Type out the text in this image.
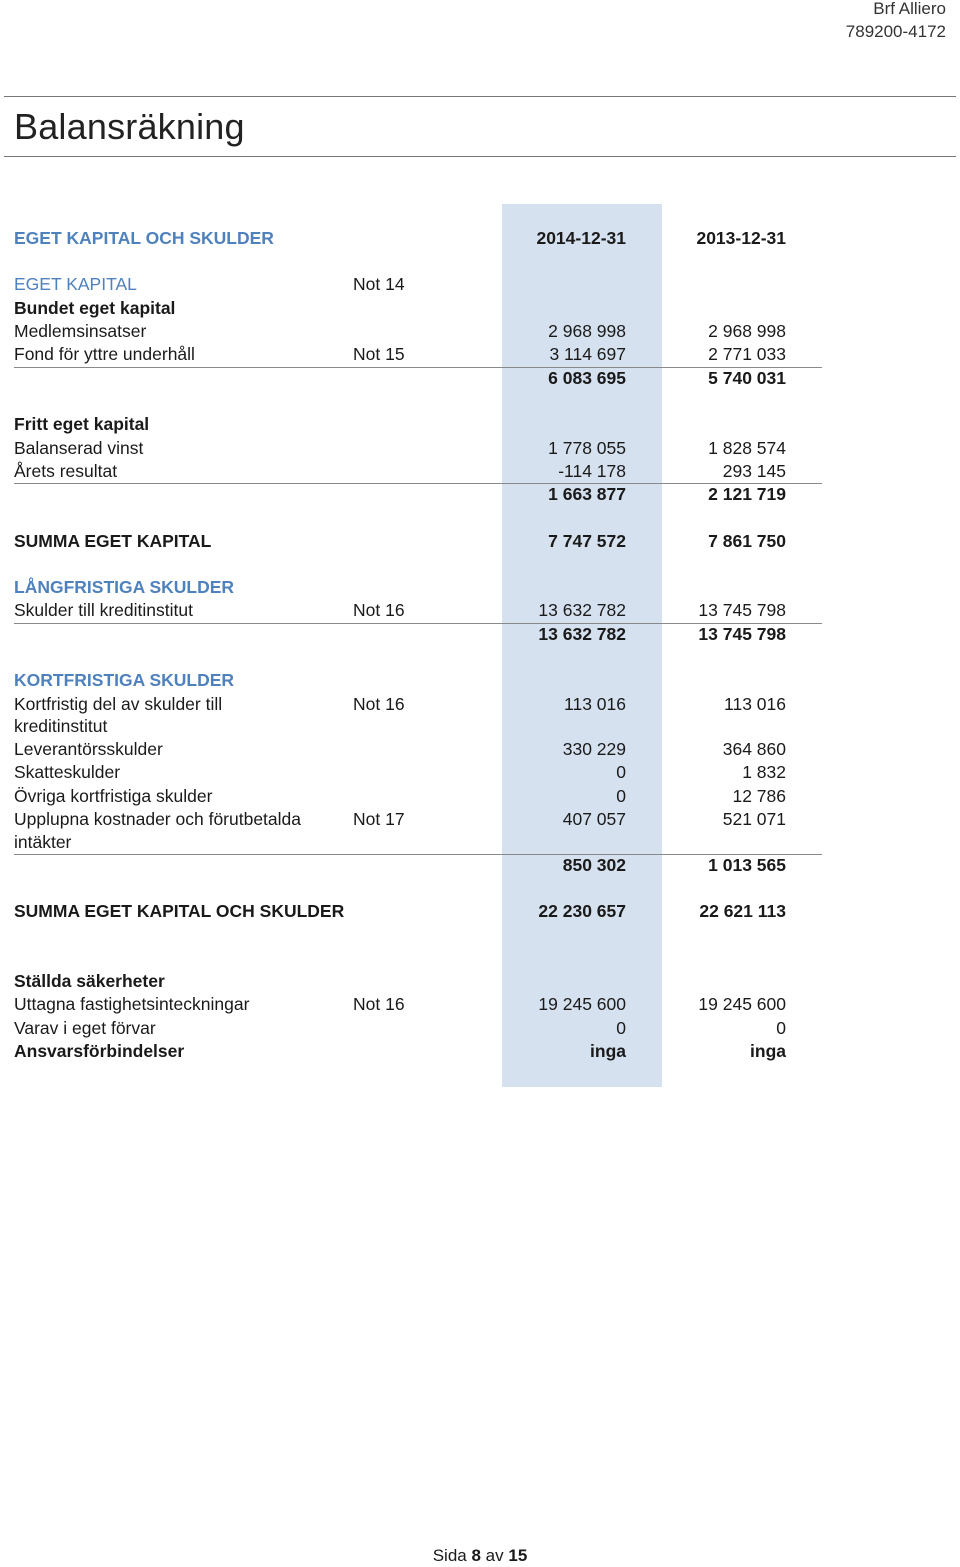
Brf Alliero
789200-4172
Balansräkning
EGET KAPITAL OCH SKULDER	2014-12-31	2013-12-31
EGET KAPITAL	Not 14
Bundet eget kapital
Medlemsinsatser	2 968 998	2 968 998
Fond för yttre underhåll	Not 15	3 114 697	2 771 033
6 083 695	5 740 031
Fritt eget kapital
Balanserad vinst	1 778 055	1 828 574
Årets resultat	-114 178	293 145
1 663 877	2 121 719
SUMMA EGET KAPITAL	7 747 572	7 861 750
LÅNGFRISTIGA SKULDER
Skulder till kreditinstitut	Not 16	13 632 782	13 745 798
13 632 782	13 745 798
KORTFRISTIGA SKULDER
Kortfristig del av skulder till	Not 16	113 016	113 016
kreditinstitut
Leverantörsskulder	330 229	364 860
Skatteskulder	0	1 832
Övriga kortfristiga skulder	0	12 786
Upplupna kostnader och förutbetalda	Not 17	407 057	521 071
intäkter
850 302	1 013 565
SUMMA EGET KAPITAL OCH SKULDER	22 230 657	22 621 113
Ställda säkerheter
Uttagna fastighetsinteckningar	Not 16	19 245 600	19 245 600
Varav i eget förvar	0	0
Ansvarsförbindelser	inga	inga
Sida 8 av 15
